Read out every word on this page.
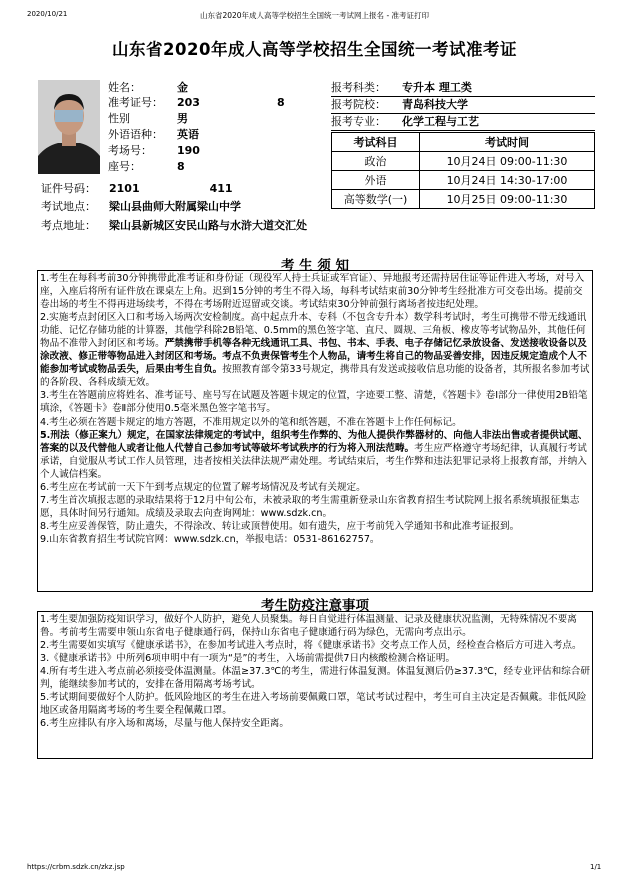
2020/10/21	山东省2020年成人高等学校招生全国统一考试网上报名 - 准考证打印
山东省2020年成人高等学校招生全国统一考试准考证
姓名：	金
准考证号： 203	8
性别	男
外语语种： 英语
考场号： 190
座号：	8
证件号码： 2101	411
考试地点： 梁山县曲师大附属梁山中学
考点地址：	梁山县新城区安民山路与水浒大道交汇处
报考科类： 专升本 理工类
报考院校： 青岛科技大学
报考专业： 化学工程与工艺
考试科目	考试时间
政治	10月24日 09:00-11:30
外语	10月24日 14:30-17:00
高等数学(一)	10月25日 09:00-11:30
考 生 须 知

1.考生在每科考前30分钟携带此准考证和身份证（现役军人持士兵证或军官证）、异地报考还需持居住证等证件进入考场，对号入座，入座后将所有证件放在课桌左上角。迟到15分钟的考生不得入场，每科考试结束前30分钟考生经批准方可交卷出场。提前交卷出场的考生不得再进场续考，不得在考场附近逗留或交谈。考试结束30分钟前强行离场者按违纪处理。

2.实施考点封闭区入口和考场入场两次安检制度。高中起点升本、专科（不包含专升本）数学科考试时，考生可携带不带无线通讯功能、记忆存储功能的计算器，其他学科除2B铅笔、0.5mm的黑色签字笔、直尺、圆规、三角板、橡皮等考试物品外，其他任何物品不准带入封闭区和考场。严禁携带手机等各种无线通讯工具、书包、书本、手表、电子存储记忆录放设备、发送接收设备以及涂改液、修正带等物品进入封闭区和考场。考点不负责保管考生个人物品，请考生将自己的物品妥善安排，因违反规定造成个人不能参加考试或物品丢失，后果由考生自负。按照教育部令第33号规定，携带具有发送或接收信息功能的设备者，其所报名参加考试的各阶段、各科成绩无效。

3.考生在答题前应将姓名、准考证号、座号写在试题及答题卡规定的位置，字迹要工整、清楚，《答题卡》卷Ⅰ部分一律使用2B铅笔填涂，《答题卡》卷Ⅱ部分使用0.5毫米黑色签字笔书写。

4.考生必须在答题卡规定的地方答题，不准用规定以外的笔和纸答题，不准在答题卡上作任何标记。

5.刑法（修正案九）规定，在国家法律规定的考试中，组织考生作弊的、为他人提供作弊器材的、向他人非法出售或者提供试题、答案的以及代替他人或者让他人代替自己参加考试等破坏考试秩序的行为将入刑法范畴。考生应严格遵守考场纪律，认真履行考试承诺，自觉服从考试工作人员管理，违者按相关法律法规严肃处理。考试结束后，考生作弊和违法犯罪记录将上报教育部，并纳入个人诚信档案。

6.考生应在考试前一天下午到考点规定的位置了解考场情况及考试有关规定。

7.考生首次填报志愿的录取结果将于12月中旬公布，未被录取的考生需重新登录山东省教育招生考试院网上报名系统填报征集志愿，具体时间另行通知。成绩及录取去向查询网址：www.sdzk.cn。

8.考生应妥善保管，防止遗失，不得涂改、转让或顶替使用。如有遗失，应于考前凭入学通知书和此准考证报到。

9.山东省教育招生考试院官网：www.sdzk.cn，举报电话：0531-86162757。

考生防疫注意事项

1.考生要加强防疫知识学习，做好个人防护，避免人员聚集。每日自觉进行体温测量、记录及健康状况监测，无特殊情况不要离鲁。考前考生需要申领山东省电子健康通行码，保持山东省电子健康通行码为绿色，无需向考点出示。

2.考生需要如实填写《健康承诺书》，在参加考试进入考点时，将《健康承诺书》交考点工作人员，经检查合格后方可进入考点。

3.《健康承诺书》中所列6项申明中有一项为“是”的考生，入场前需提供7日内核酸检测合格证明。

4.所有考生进入考点前必须接受体温测量。体温≥37.3℃的考生，需进行体温复测。体温复测后仍≥37.3℃，经专业评估和综合研判，能继续参加考试的，安排在备用隔离考场考试。

5.考试期间要做好个人防护。低风险地区的考生在进入考场前要佩戴口罩，笔试考试过程中，考生可自主决定是否佩戴。非低风险地区或备用隔离考场的考生要全程佩戴口罩。

6.考生应排队有序入场和离场，尽量与他人保持安全距离。

https://crbm.sdzk.cn/zkz.jsp	1/1
